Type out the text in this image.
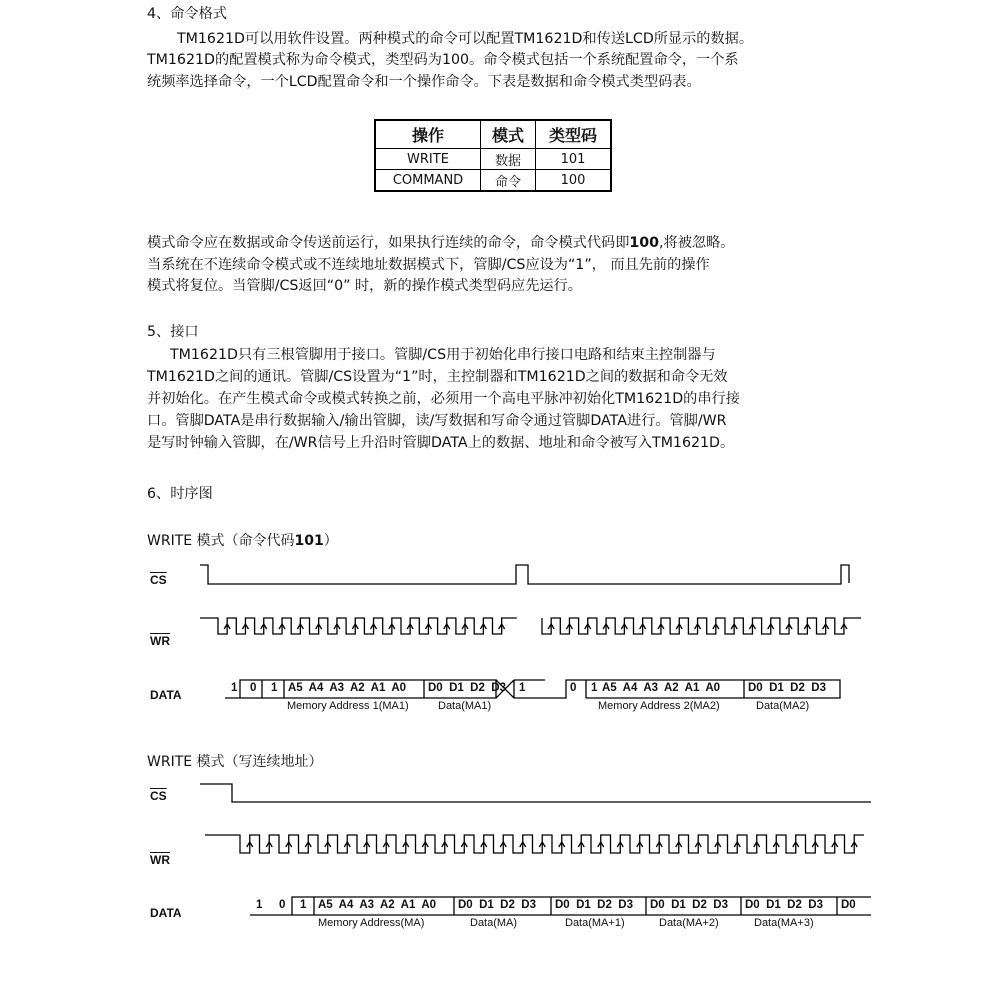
4、命令格式
TM1621D可以用软件设置。两种模式的命令可以配置TM1621D和传送LCD所显示的数据。
TM1621D的配置模式称为命令模式，类型码为100。命令模式包括一个系统配置命令，一个系
统频率选择命令，一个LCD配置命令和一个操作命令。下表是数据和命令模式类型码表。
操作	模式	类型码
WRITE	数据	101
COMMAND	命令	100
模式命令应在数据或命令传送前运行，如果执行连续的命令，命令模式代码即100,将被忽略。
当系统在不连续命令模式或不连续地址数据模式下，管脚/CS应设为“1”， 而且先前的操作
模式将复位。当管脚/CS返回“0” 时，新的操作模式类型码应先运行。
5、接口
TM1621D只有三根管脚用于接口。管脚/CS用于初始化串行接口电路和结束主控制器与
TM1621D之间的通讯。管脚/CS设置为“1”时，主控制器和TM1621D之间的数据和命令无效
并初始化。在产生模式命令或模式转换之前，必须用一个高电平脉冲初始化TM1621D的串行接
口。管脚DATA是串行数据输入/输出管脚，读/写数据和写命令通过管脚DATA进行。管脚/WR
是写时钟输入管脚，在/WR信号上升沿时管脚DATA上的数据、地址和命令被写入TM1621D。
6、时序图
WRITE 模式（命令代码101）
WRITE 模式（写连续地址）
$\overline{CS}$
$\overline{WR}$
DATA
$\overline{CS}$
$\overline{WR}$
DATA
1 0 1 A5  A4  A3  A2  A1  A0 D0  D1  D2  D3 1	0 1 A5  A4  A3  A2  A1  A0 D0  D1  D2  D3
Memory Address 1(MA1)	Data(MA1)	Memory Address 2(MA2)	Data(MA2)
1 0 1 A5  A4  A3  A2  A1  A0 D0  D1  D2  D3 D0  D1  D2  D3 D0  D1  D2  D3 D0  D1  D2  D3 D0
Memory Address(MA)	Data(MA)	Data(MA+1)	Data(MA+2)	Data(MA+3)
